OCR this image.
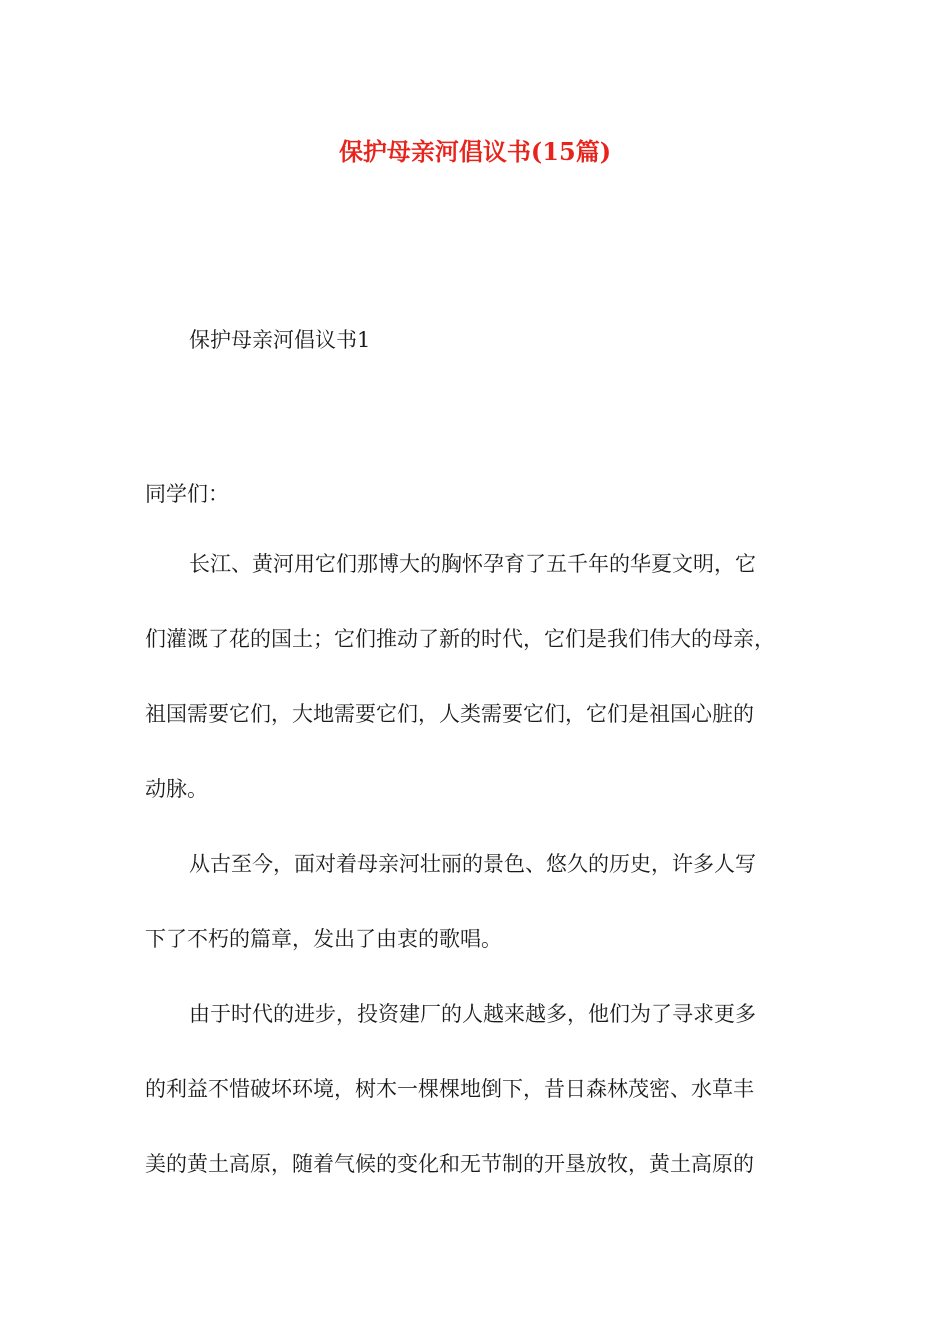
保护母亲河倡议书(15篇)

保护母亲河倡议书1

同学们：

长江、黄河用它们那博大的胸怀孕育了五千年的华夏文明，它

们灌溉了花的国土；它们推动了新的时代，它们是我们伟大的母亲，

祖国需要它们，大地需要它们，人类需要它们，它们是祖国心脏的

动脉。

从古至今，面对着母亲河壮丽的景色、悠久的历史，许多人写

下了不朽的篇章，发出了由衷的歌唱。

由于时代的进步，投资建厂的人越来越多，他们为了寻求更多

的利益不惜破坏环境，树木一棵棵地倒下，昔日森林茂密、水草丰

美的黄土高原，随着气候的变化和无节制的开垦放牧，黄土高原的
